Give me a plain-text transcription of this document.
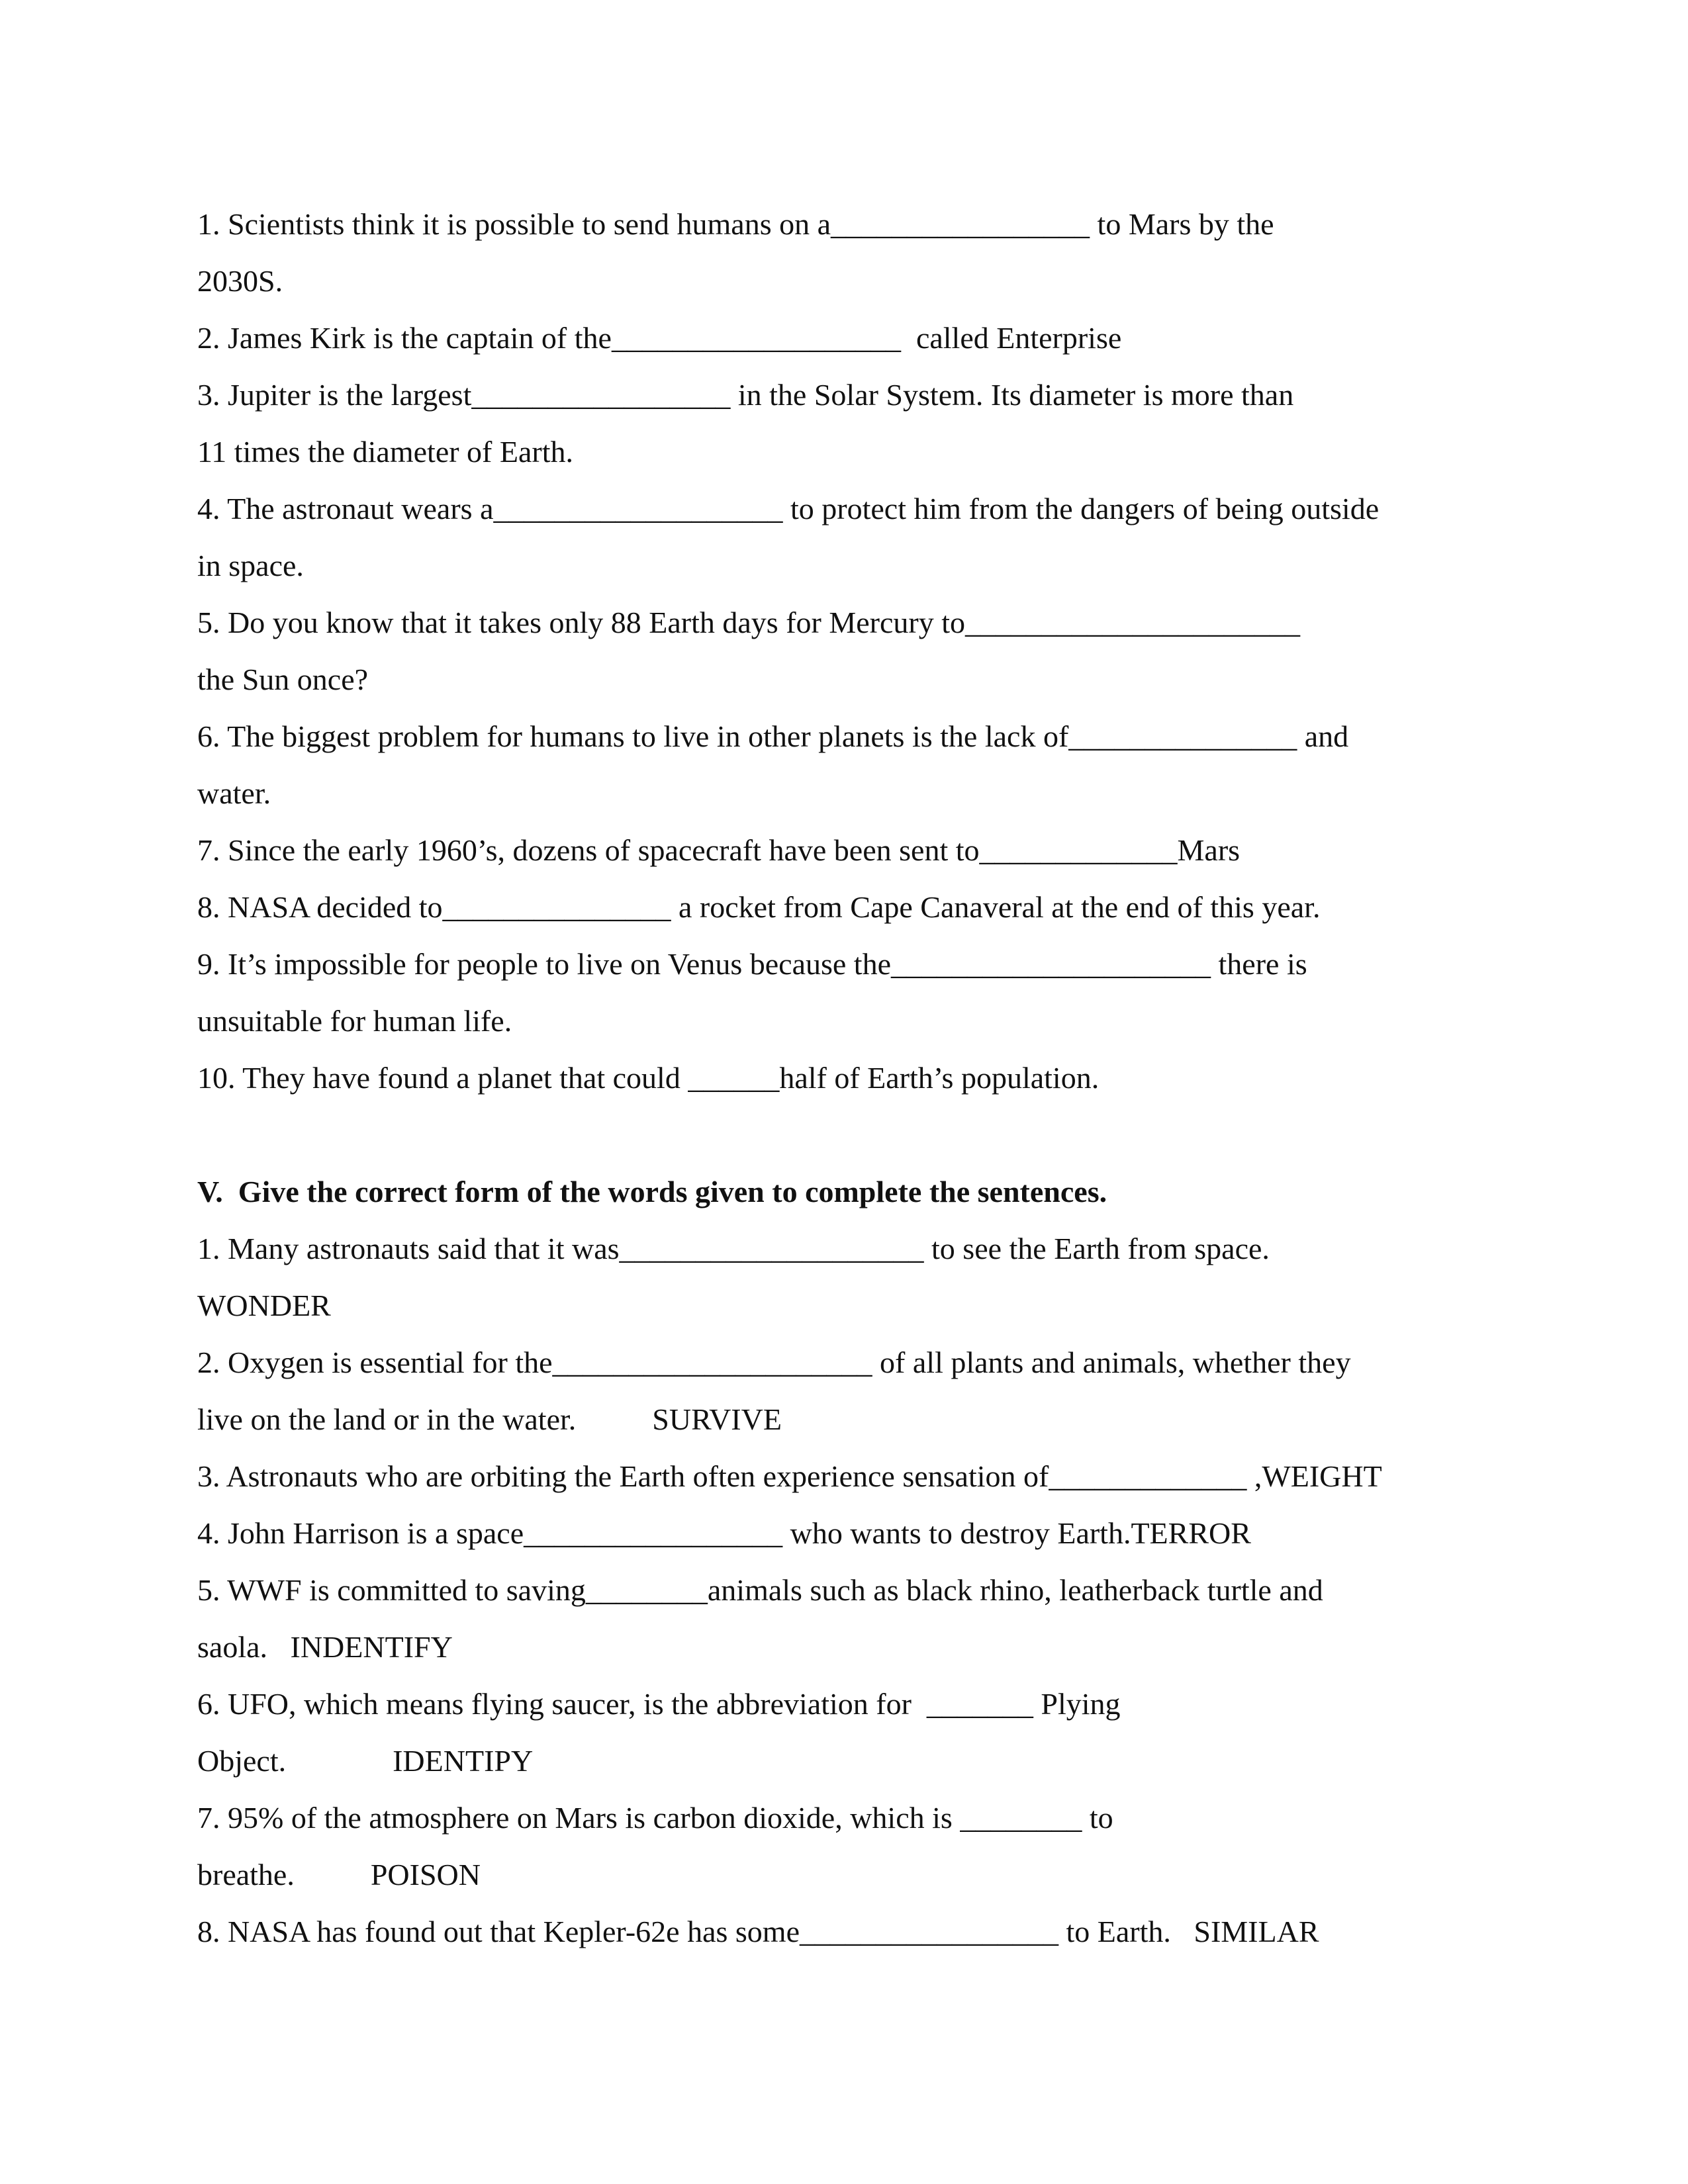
1. Scientists think it is possible to send humans on a_________________ to Mars by the
2030S.
2. James Kirk is the captain of the___________________  called Enterprise
3. Jupiter is the largest_________________ in the Solar System. Its diameter is more than
11 times the diameter of Earth.
4. The astronaut wears a___________________ to protect him from the dangers of being outside
in space.
5. Do you know that it takes only 88 Earth days for Mercury to______________________
the Sun once?
6. The biggest problem for humans to live in other planets is the lack of_______________ and
water.
7. Since the early 1960’s, dozens of spacecraft have been sent to_____________Mars
8. NASA decided to_______________ a rocket from Cape Canaveral at the end of this year.
9. It’s impossible for people to live on Venus because the_____________________ there is
unsuitable for human life.
10. They have found a planet that could ______half of Earth’s population.
V.  Give the correct form of the words given to complete the sentences.
1. Many astronauts said that it was____________________ to see the Earth from space.
WONDER
2. Oxygen is essential for the_____________________ of all plants and animals, whether they
live on the land or in the water.          SURVIVE
3. Astronauts who are orbiting the Earth often experience sensation of_____________ ,WEIGHT
4. John Harrison is a space_________________ who wants to destroy Earth.TERROR
5. WWF is committed to saving________animals such as black rhino, leatherback turtle and
saola.   INDENTIFY
6. UFO, which means flying saucer, is the abbreviation for  _______ Plying
Object.              IDENTIPY
7. 95% of the atmosphere on Mars is carbon dioxide, which is ________ to
breathe.          POISON
8. NASA has found out that Kepler-62e has some_________________ to Earth.   SIMILAR
